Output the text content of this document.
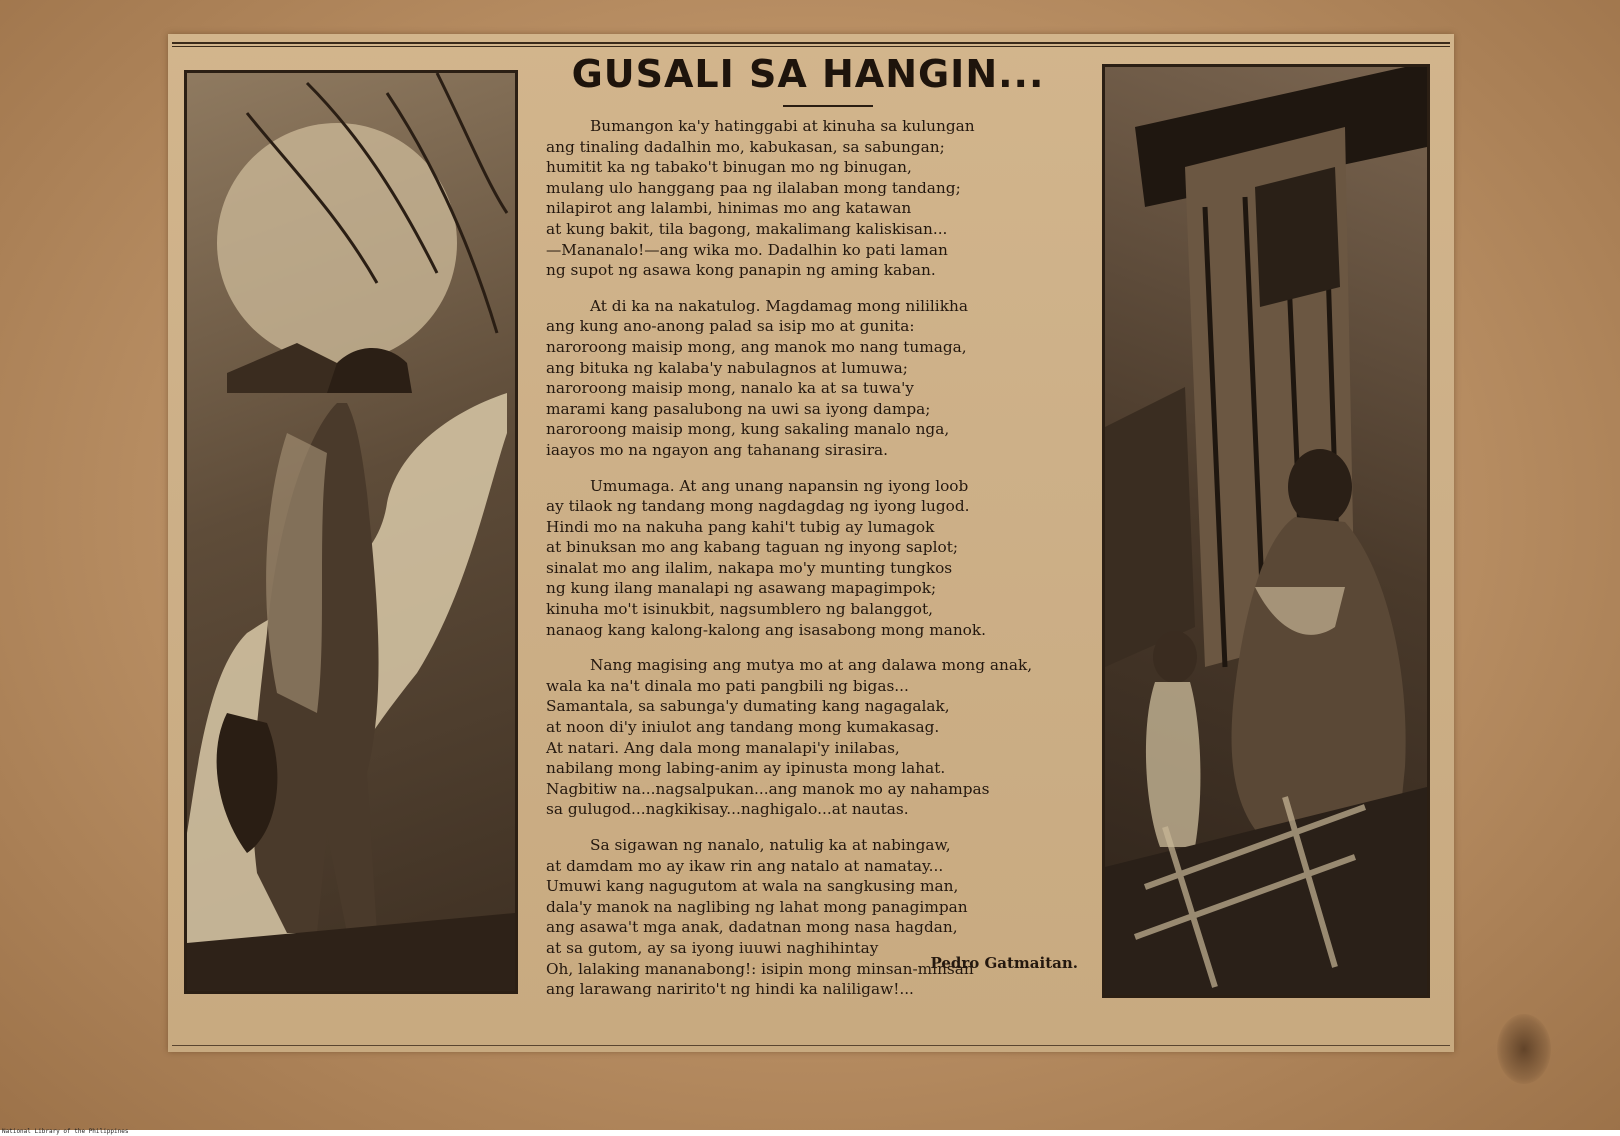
GUSALI SA HANGIN...

Bumangon ka'y hatinggabi at kinuha sa kulungan
ang tinaling dadalhin mo, kabukasan, sa sabungan;
humitit ka ng tabako't binugan mo ng binugan,
mulang ulo hanggang paa ng ilalaban mong tandang;
nilapirot ang lalambi, hinimas mo ang katawan
at kung bakit, tila bagong, makalimang kaliskisan...
—Mananalo!—ang wika mo. Dadalhin ko pati laman
ng supot ng asawa kong panapin ng aming kaban.

At di ka na nakatulog. Magdamag mong nililikha
ang kung ano-anong palad sa isip mo at gunita:
naroroong maisip mong, ang manok mo nang tumaga,
ang bituka ng kalaba'y nabulagnos at lumuwa;
naroroong maisip mong, nanalo ka at sa tuwa'y
marami kang pasalubong na uwi sa iyong dampa;
naroroong maisip mong, kung sakaling manalo nga,
iaayos mo na ngayon ang tahanang sirasira.

Umumaga. At ang unang napansin ng iyong loob
ay tilaok ng tandang mong nagdagdag ng iyong lugod.
Hindi mo na nakuha pang kahi't tubig ay lumagok
at binuksan mo ang kabang taguan ng inyong saplot;
sinalat mo ang ilalim, nakapa mo'y munting tungkos
ng kung ilang manalapi ng asawang mapagimpok;
kinuha mo't isinukbit, nagsumblero ng balanggot,
nanaog kang kalong-kalong ang isasabong mong manok.

Nang magising ang mutya mo at ang dalawa mong anak,
wala ka na't dinala mo pati pangbili ng bigas...
Samantala, sa sabunga'y dumating kang nagagalak,
at noon di'y iniulot ang tandang mong kumakasag.
At natari. Ang dala mong manalapi'y inilabas,
nabilang mong labing-anim ay ipinusta mong lahat.
Nagbitiw na...nagsalpukan...ang manok mo ay nahampas
sa gulugod...nagkikisay...naghigalo...at nautas.

Sa sigawan ng nanalo, natulig ka at nabingaw,
at damdam mo ay ikaw rin ang natalo at namatay...
Umuwi kang nagugutom at wala na sangkusing man,
dala'y manok na naglibing ng lahat mong panagimpan
ang asawa't mga anak, dadatnan mong nasa hagdan,
at sa gutom, ay sa iyong iuuwi naghihintay
Oh, lalaking mananabong!: isipin mong minsan-minsan
ang larawang naririto't ng hindi ka naliligaw!...

Pedro Gatmaitan.
National Library of the Philippines
